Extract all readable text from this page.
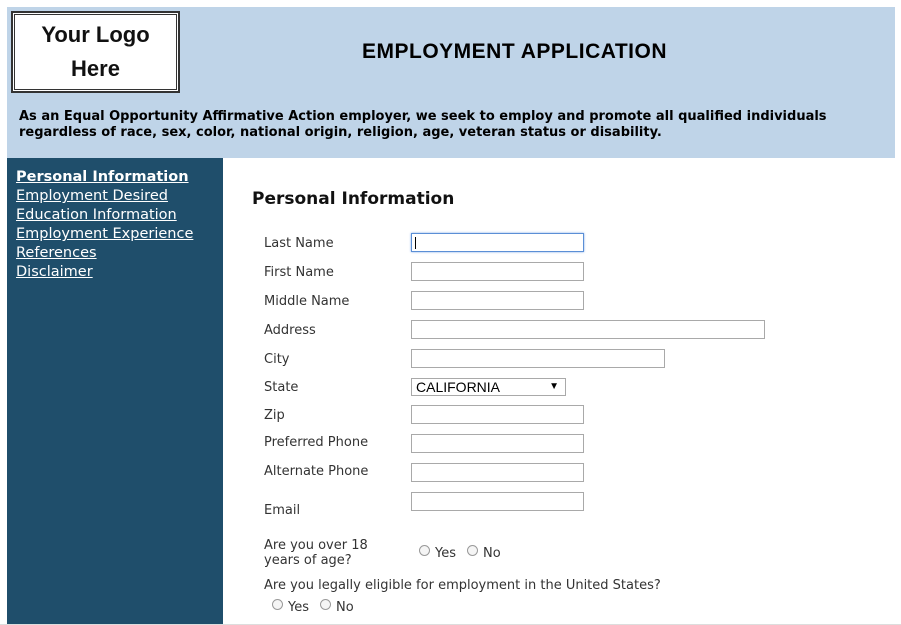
Your Logo
Here
EMPLOYMENT APPLICATION
As an Equal Opportunity Affirmative Action employer, we seek to employ and promote all qualified individuals regardless of race, sex, color, national origin, religion, age, veteran status or disability.
Personal Information
Employment Desired
Education Information
Employment Experience
References
Disclaimer
Personal Information
Last Name
First Name
Middle Name
Address
City
State	CALIFORNIA	▼
Zip
Preferred Phone
Alternate Phone
Email
Are you over 18
years of age?	Yes No
Are you legally eligible for employment in the United States?
Yes No
